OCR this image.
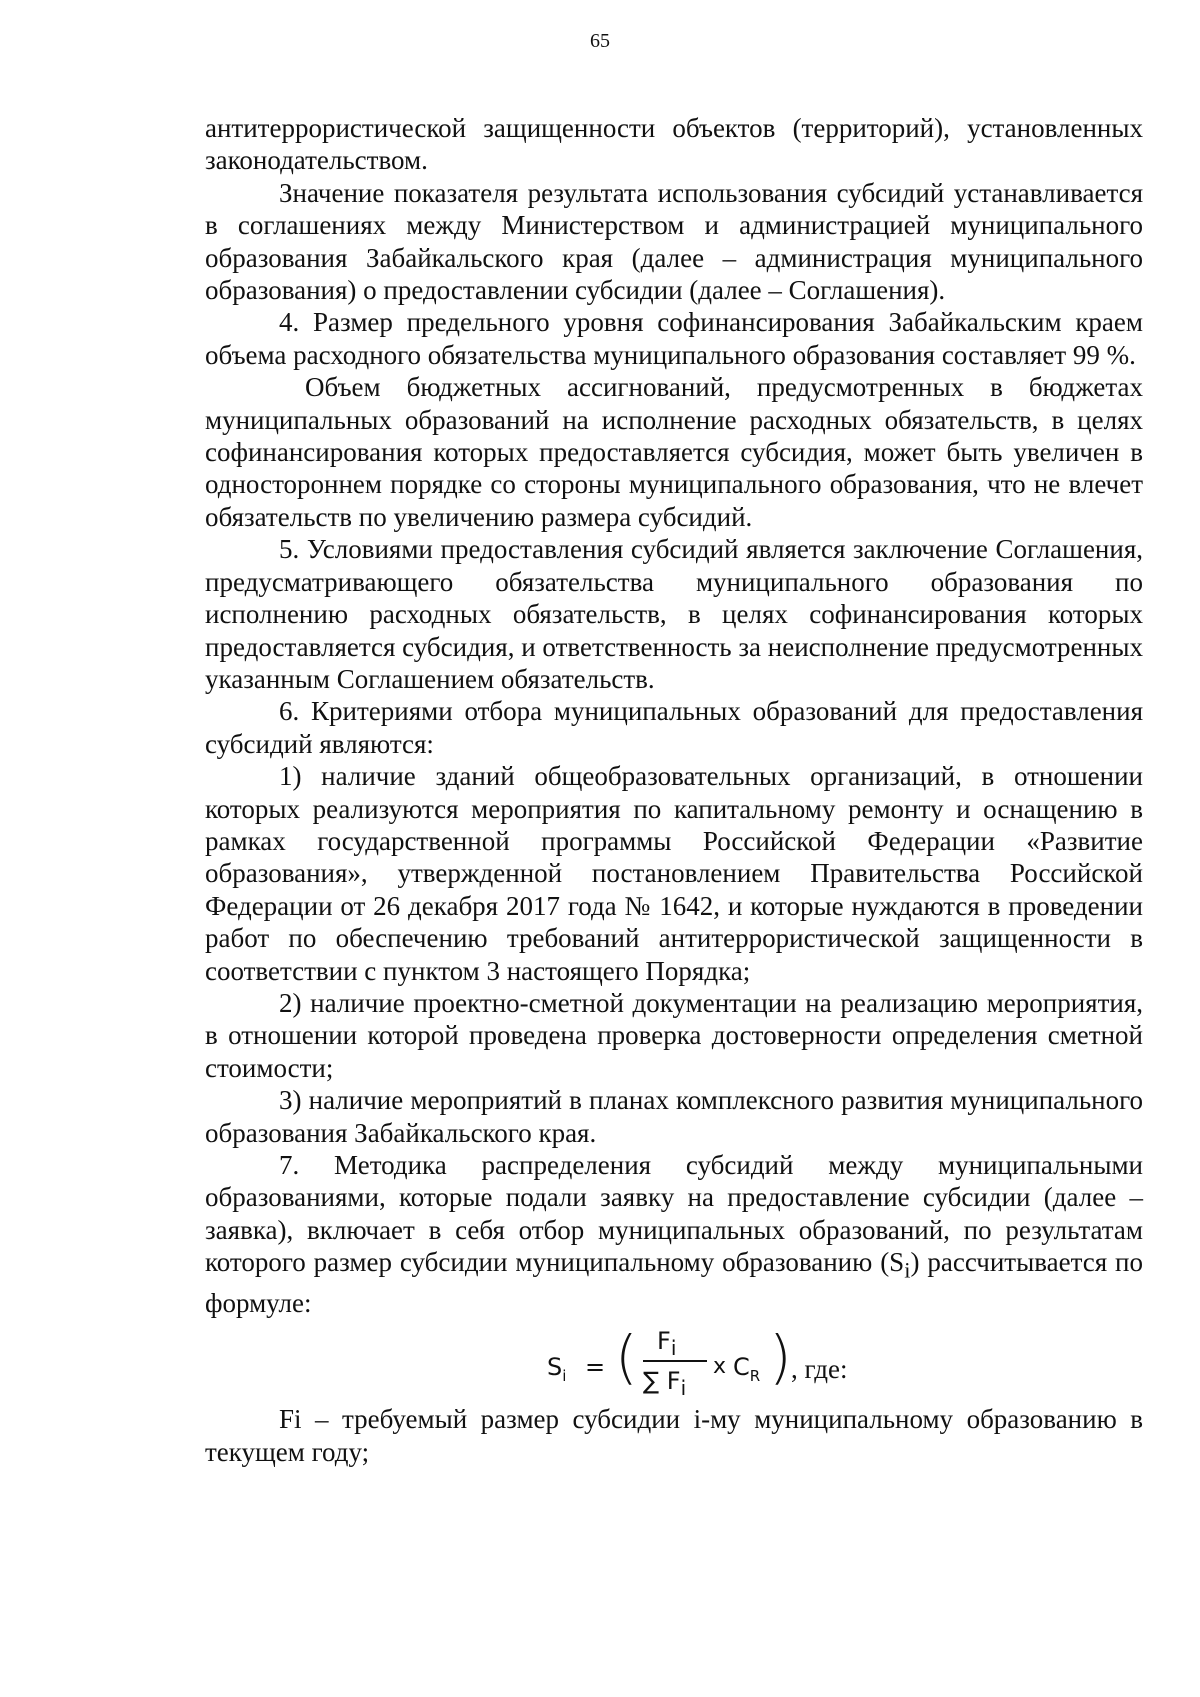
65

антитеррористической защищенности объектов (территорий), установленных законодательством.

Значение показателя результата использования субсидий устанавливается в соглашениях между Министерством и администрацией муниципального образования Забайкальского края (далее – администрация муниципального образования) о предоставлении субсидии (далее – Соглашения).

4. Размер предельного уровня софинансирования Забайкальским краем объема расходного обязательства муниципального образования составляет 99 %.

Объем бюджетных ассигнований, предусмотренных в бюджетах муниципальных образований на исполнение расходных обязательств, в целях софинансирования которых предоставляется субсидия, может быть увеличен в одностороннем порядке со стороны муниципального образования, что не влечет обязательств по увеличению размера субсидий.

5. Условиями предоставления субсидий является заключение Соглашения, предусматривающего обязательства муниципального образования по исполнению расходных обязательств, в целях софинансирования которых предоставляется субсидия, и ответственность за неисполнение предусмотренных указанным Соглашением обязательств.

6. Критериями отбора муниципальных образований для предоставления субсидий являются:

1) наличие зданий общеобразовательных организаций, в отношении которых реализуются мероприятия по капитальному ремонту и оснащению в рамках государственной программы Российской Федерации «Развитие образования», утвержденной постановлением Правительства Российской Федерации от 26 декабря 2017 года № 1642, и которые нуждаются в проведении работ по обеспечению требований антитеррористической защищенности в соответствии с пунктом 3 настоящего Порядка;

2) наличие проектно-сметной документации на реализацию мероприятия, в отношении которой проведена проверка достоверности определения сметной стоимости;

3) наличие мероприятий в планах комплексного развития муниципального образования Забайкальского края.

7. Методика распределения субсидий между муниципальными образованиями, которые подали заявку на предоставление субсидии (далее – заявка), включает в себя отбор муниципальных образований, по результатам которого размер субсидии муниципальному образованию $(S_i)$ рассчитывается по формуле:

$S_i$ = ( $F_i$
∑ $F_i$
x $C_R$ ) , где:

Fi – требуемый размер субсидии i-му муниципальному образованию в текущем году;
